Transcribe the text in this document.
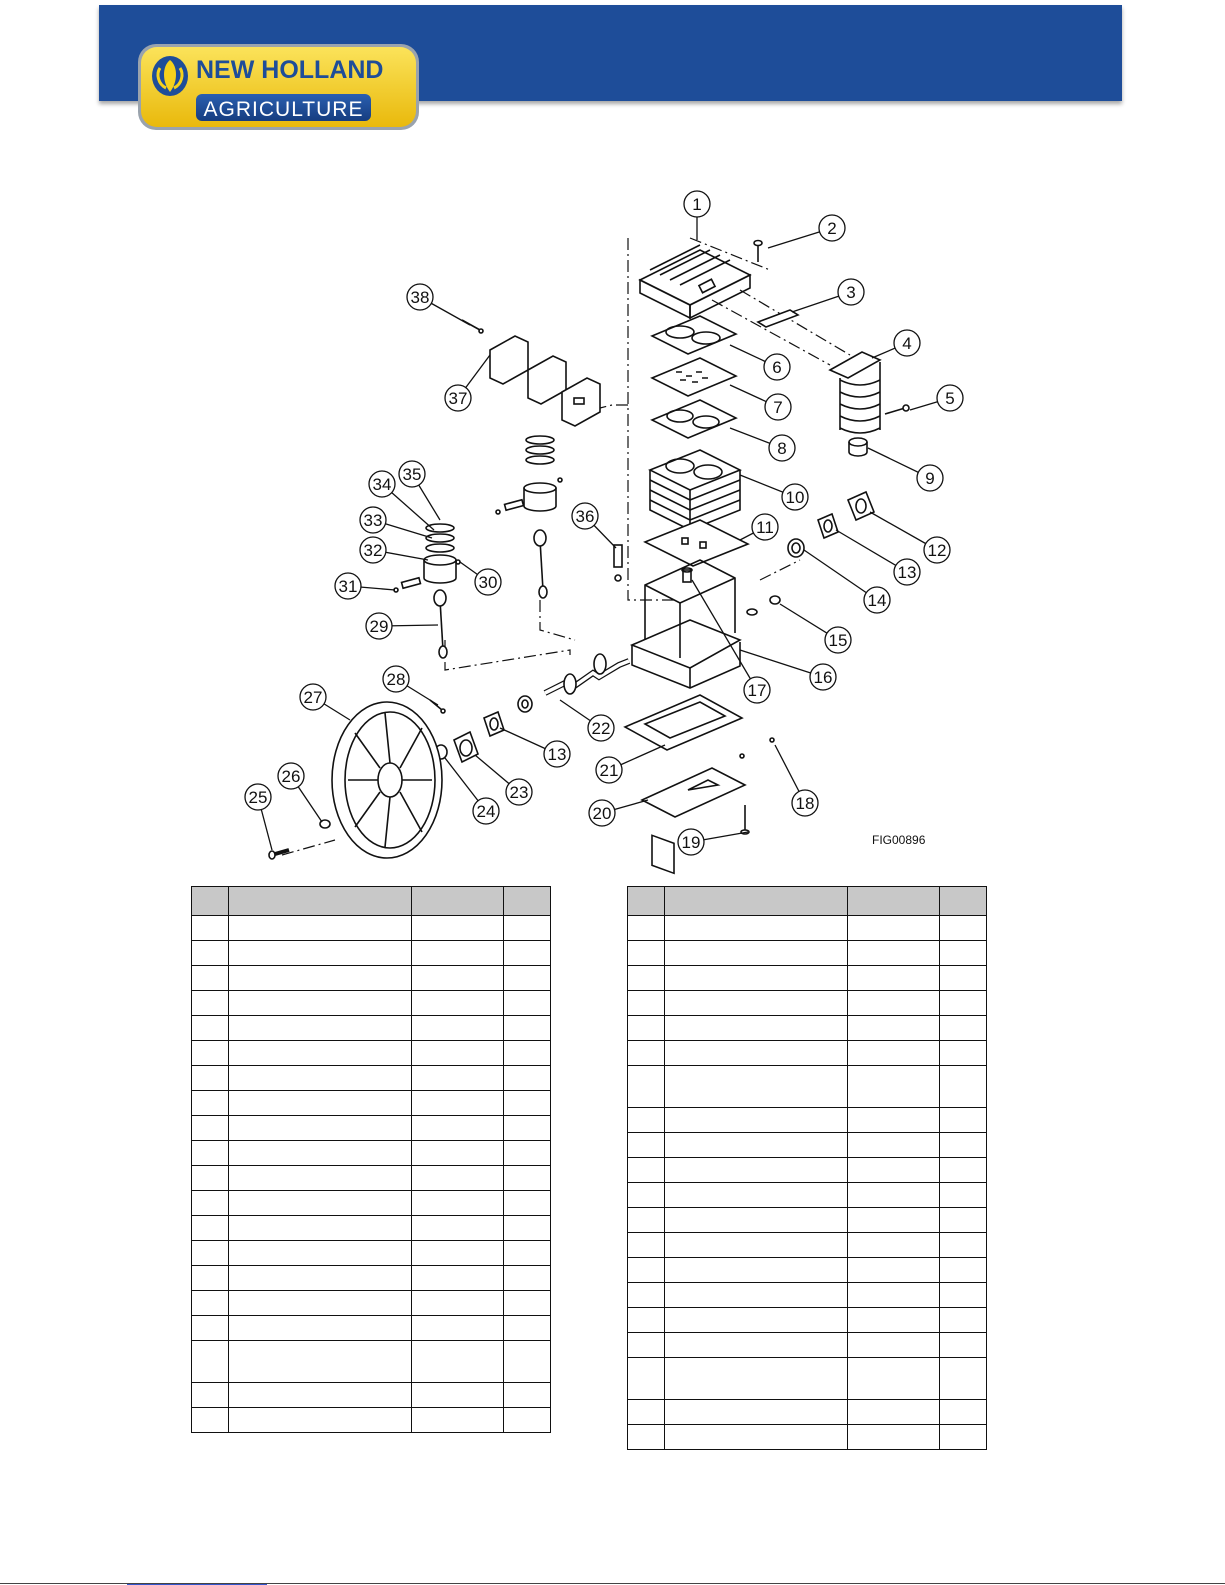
NEW HOLLAND
AGRICULTURE
1
2
3
4
5
6
7
8
9
10
11
12
13
14
15
16
17
18
19
20
21
22
13
23
24
25
26
27
28
29
30
31
32
33
34
35
36
37
38
FIG00896
